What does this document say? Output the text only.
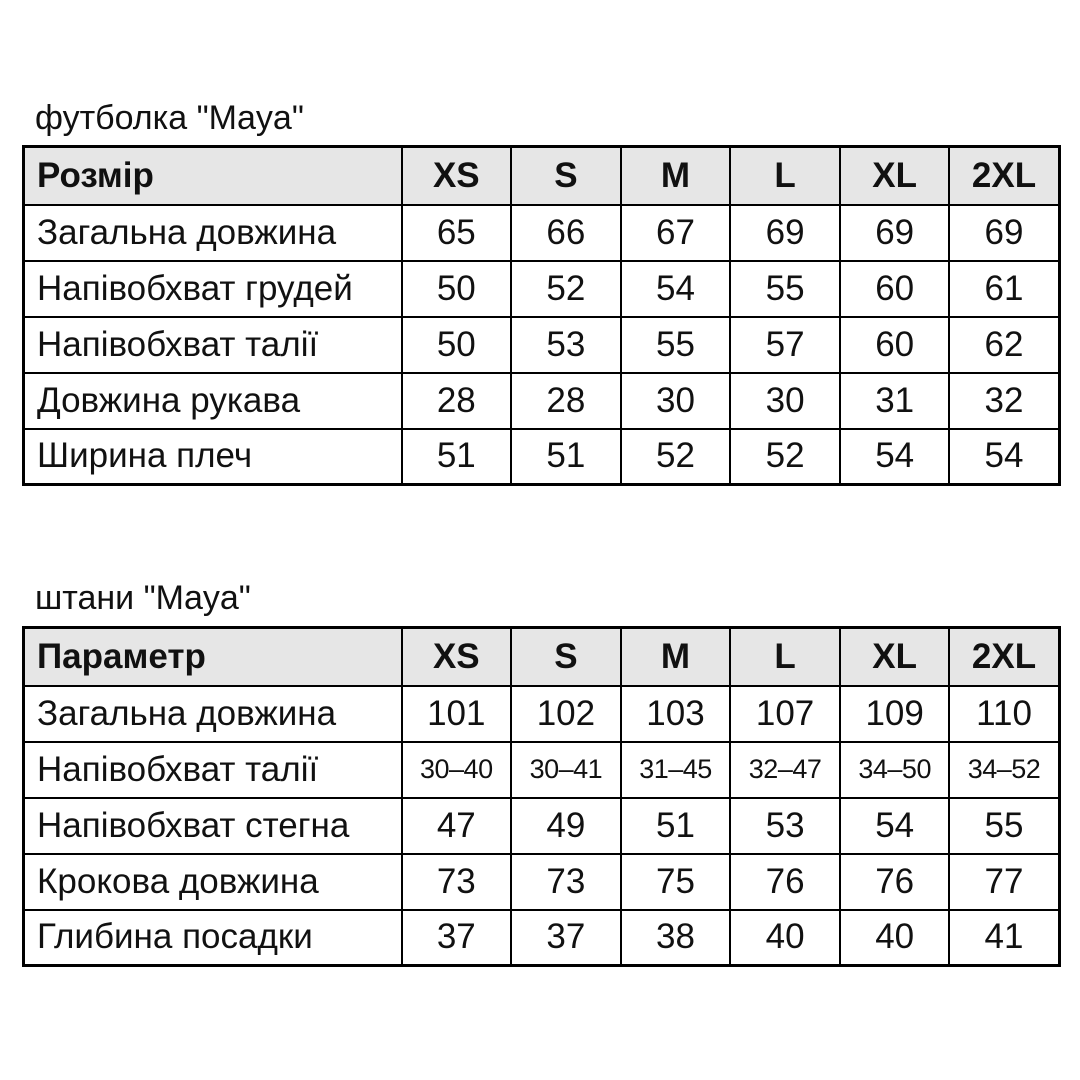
футболка "Maya"
Розмір	XS	S	M	L	XL	2XL
Загальна довжина	65	66	67	69	69	69
Напівобхват грудей	50	52	54	55	60	61
Напівобхват талії	50	53	55	57	60	62
Довжина рукава	28	28	30	30	31	32
Ширина плеч	51	51	52	52	54	54
штани "Maya"
Параметр	XS	S	M	L	XL	2XL
Загальна довжина	101	102	103	107	109	110
Напівобхват талії	30–40	30–41	31–45	32–47	34–50	34–52
Напівобхват стегна	47	49	51	53	54	55
Крокова довжина	73	73	75	76	76	77
Глибина посадки	37	37	38	40	40	41
